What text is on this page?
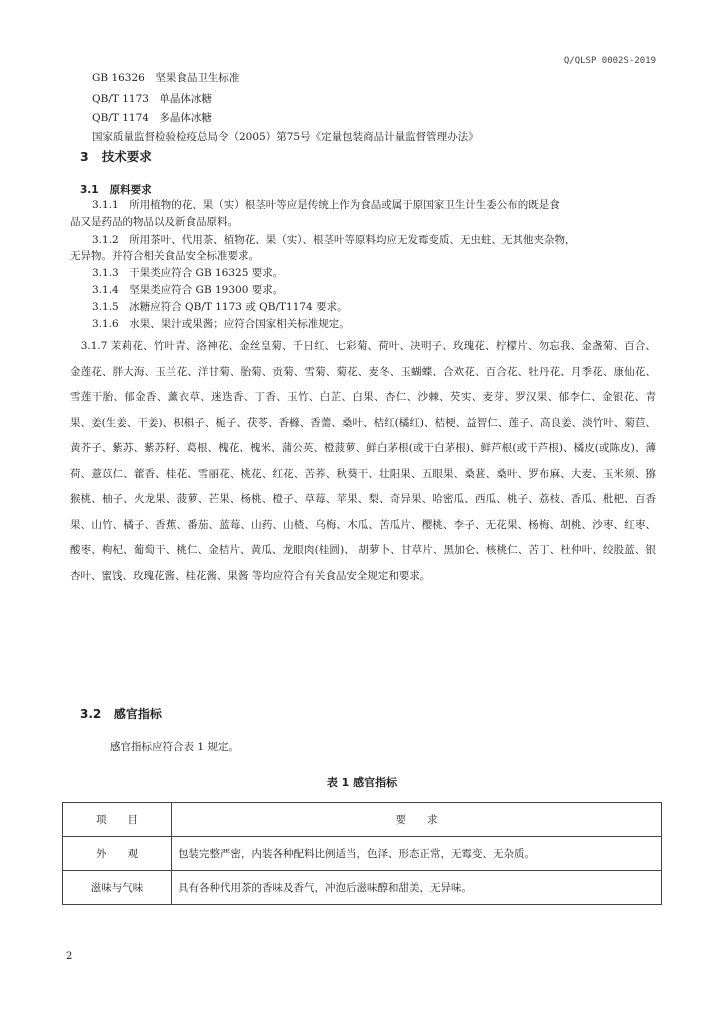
Q/QLSP 0002S-2019
GB 16326　坚果食品卫生标准
QB/T 1173　单晶体冰糖
QB/T 1174　多晶体冰糖
国家质量监督检验检疫总局令（2005）第75号《定量包装商品计量监督管理办法》
3 技术要求
3.1 原料要求
3.1.1　所用植物的花、果（实）根茎叶等应是传统上作为食品或属于原国家卫生计生委公布的既是食
品又是药品的物品以及新食品原料。
3.1.2　所用茶叶、代用茶、植物花、果（实）、根茎叶等原料均应无发霉变质、无虫蛀、无其他夹杂物，
无异物。并符合相关食品安全标准要求。
3.1.3　干果类应符合 GB 16325 要求。
3.1.4　坚果类应符合 GB 19300 要求。
3.1.5　冰糖应符合 QB/T 1173 或 QB/T1174 要求。
3.1.6　水果、果汁或果酱；应符合国家相关标准规定。
　3.1.7 茉莉花、竹叶青、洛神花、金丝皇菊、千日红、七彩菊、荷叶、决明子、玫瑰花、柠檬片、勿忘我、金盏菊、百合、金莲花、胖大海、玉兰花、洋甘菊、胎菊、贡菊、雪菊、菊花、麦冬、玉蝴蝶、合欢花、百合花、牡丹花、月季花、康仙花、雪莲干胎、郁金香、薰衣草、迷迭香、丁香、玉竹、白芷、白果、杏仁、沙棘、芡实、麦芽、罗汉果、郁李仁、金银花、青果、姜(生姜、干姜)、枳椇子、栀子、茯苓、香橼、香薷、桑叶、桔红(橘红)、桔梗、益智仁、莲子、高良姜、淡竹叶、菊苣、黄芥子、紫苏、紫苏籽、葛根、槐花、槐米、蒲公英、橙菠萝、鲜白茅根(或干白茅根)、鲜芦根(或干芦根)、橘皮(或陈皮)、薄荷、薏苡仁、藿香、桂花、雪丽花、桃花、红花、苦荞、秋葵干、壮阳果、五眼果、桑葚、桑叶、罗布麻、大麦、玉米须、猕猴桃、柚子、火龙果、菠萝、芒果、杨桃、橙子、草莓、苹果、梨、奇异果、哈密瓜、西瓜、桃子、荔枝、香瓜、枇杷、百香果、山竹、橘子、香蕉、番茄、蓝莓、山药、山楂、乌梅、木瓜、苦瓜片、樱桃、李子、无花果、杨梅、胡桃、沙枣、红枣、酸枣、枸杞、葡萄干、桃仁、金桔片、黄瓜、龙眼肉(桂圆)、 胡萝卜、甘草片、黑加仑、核桃仁、苦丁、杜仲叶、绞股蓝、银杏叶、蜜饯、玫瑰花酱、桂花酱、果酱 等均应符合有关食品安全规定和要求。
3.2 感官指标
感官指标应符合表 1 规定。
表 1 感官指标
项　　目	要　　求
外　　观	包装完整严密，内装各种配料比例适当，色泽、形态正常，无霉变、无杂质。
滋味与气味	具有各种代用茶的香味及香气，冲泡后滋味醇和甜美，无异味。
2
